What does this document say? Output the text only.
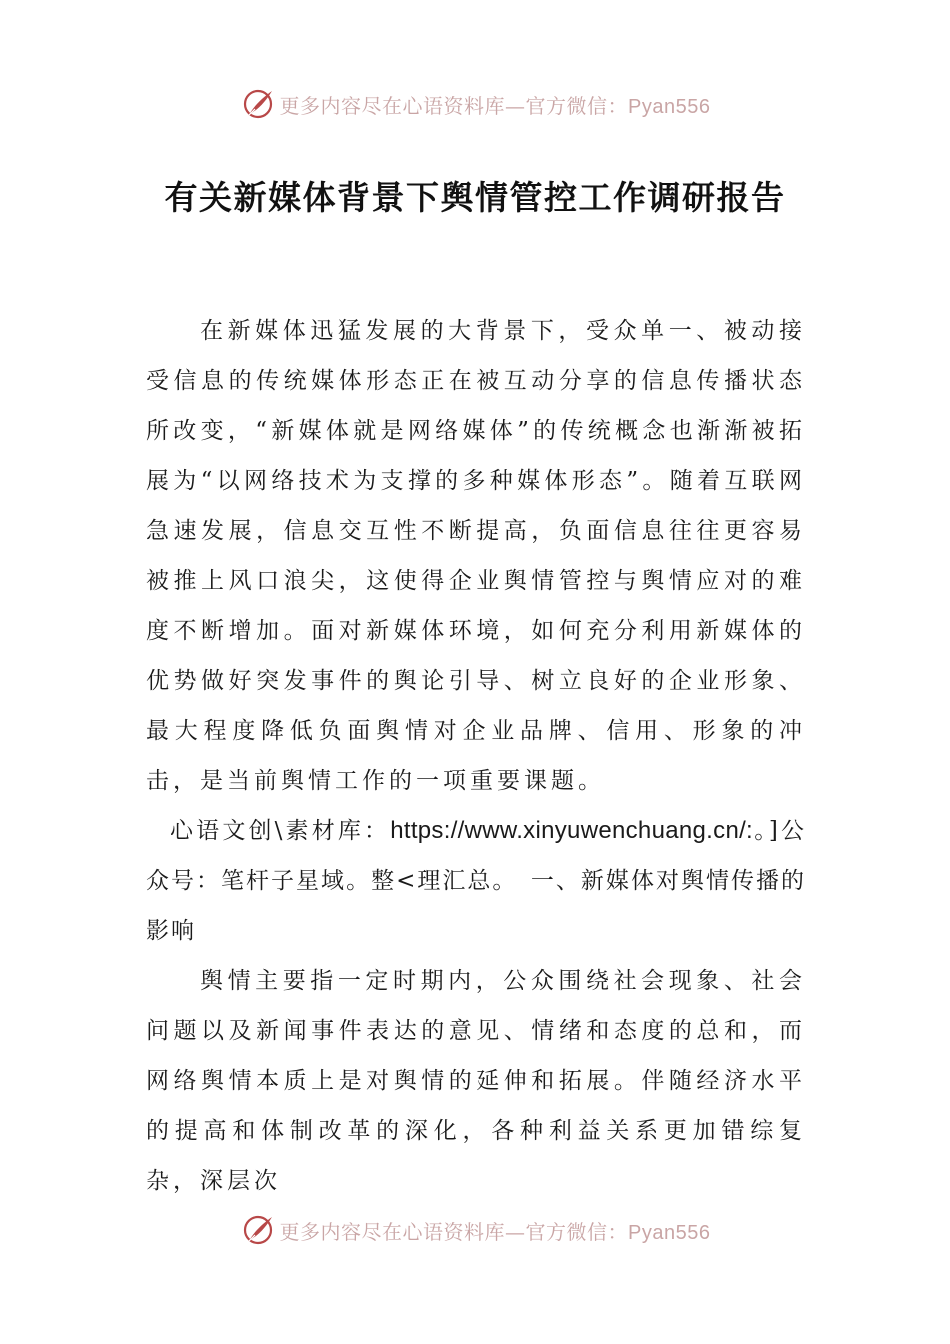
更多内容尽在心语资料库—官方微信：Pyan556
有关新媒体背景下舆情管控工作调研报告

在新媒体迅猛发展的大背景下，受众单一、被动接受信息的传统媒体形态正在被互动分享的信息传播状态所改变，“新媒体就是网络媒体”的传统概念也渐渐被拓展为“以网络技术为支撑的多种媒体形态”。随着互联网急速发展，信息交互性不断提高，负面信息往往更容易被推上风口浪尖，这使得企业舆情管控与舆情应对的难度不断增加。面对新媒体环境，如何充分利用新媒体的优势做好突发事件的舆论引导、树立良好的企业形象、最大程度降低负面舆情对企业品牌、信用、形象的冲击，是当前舆情工作的一项重要课题。

心语文创\素材库：https://www.xinyuwenchuang.cn/:。]公众号：笔杆子星域。整<理汇总。　一、新媒体对舆情传播的影响

舆情主要指一定时期内，公众围绕社会现象、社会问题以及新闻事件表达的意见、情绪和态度的总和，而网络舆情本质上是对舆情的延伸和拓展。伴随经济水平的提高和体制改革的深化，各种利益关系更加错综复杂，深层次

更多内容尽在心语资料库—官方微信：Pyan556
